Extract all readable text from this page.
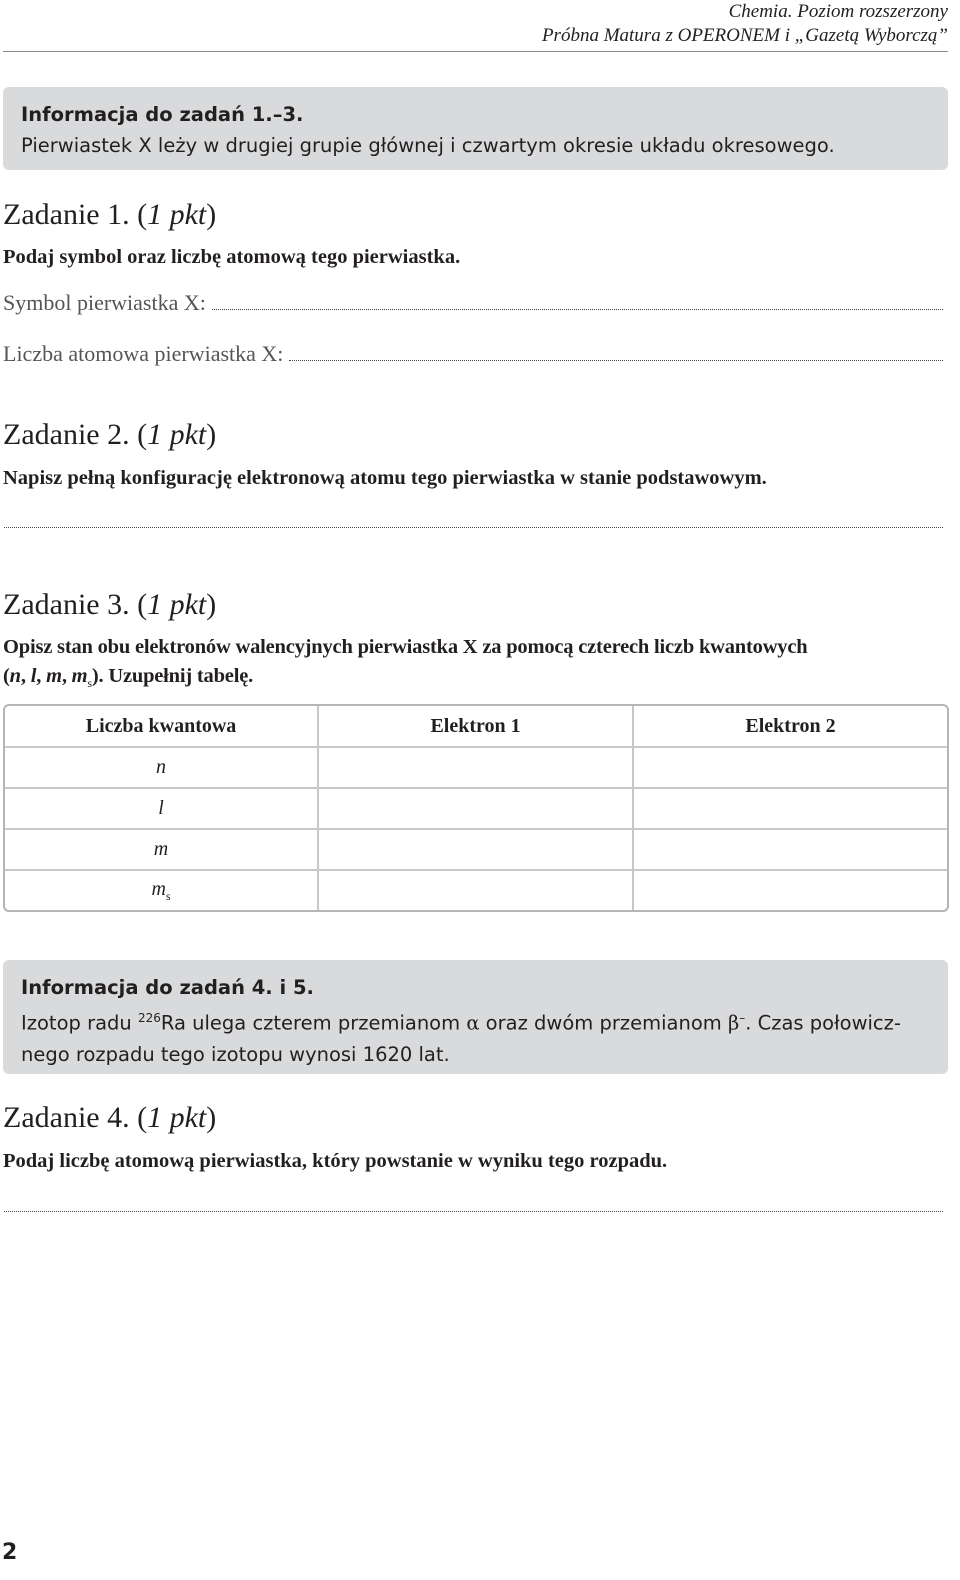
Chemia. Poziom rozszerzony
Próbna Matura z OPERONEM i „Gazetą Wyborczą”
Informacja do zadań 1.–3.
Pierwiastek X leży w drugiej grupie głównej i czwartym okresie układu okresowego.
Zadanie 1. (1 pkt)
Podaj symbol oraz liczbę atomową tego pierwiastka.
Symbol pierwiastka X:
Liczba atomowa pierwiastka X:
Zadanie 2. (1 pkt)
Napisz pełną konfigurację elektronową atomu tego pierwiastka w stanie podstawowym.
Zadanie 3. (1 pkt)
Opisz stan obu elektronów walencyjnych pierwiastka X za pomocą czterech liczb kwantowych
(n, l, m, $m_s$). Uzupełnij tabelę.
Liczba kwantowa	Elektron 1	Elektron 2
n		
l		
m		
$m_s$		
Informacja do zadań 4. i 5.
Izotop radu $^{226}$Ra ulega czterem przemianom α oraz dwóm przemianom β–. Czas połowicz-
nego rozpadu tego izotopu wynosi 1620 lat.
Zadanie 4. (1 pkt)
Podaj liczbę atomową pierwiastka, który powstanie w wyniku tego rozpadu.
2
